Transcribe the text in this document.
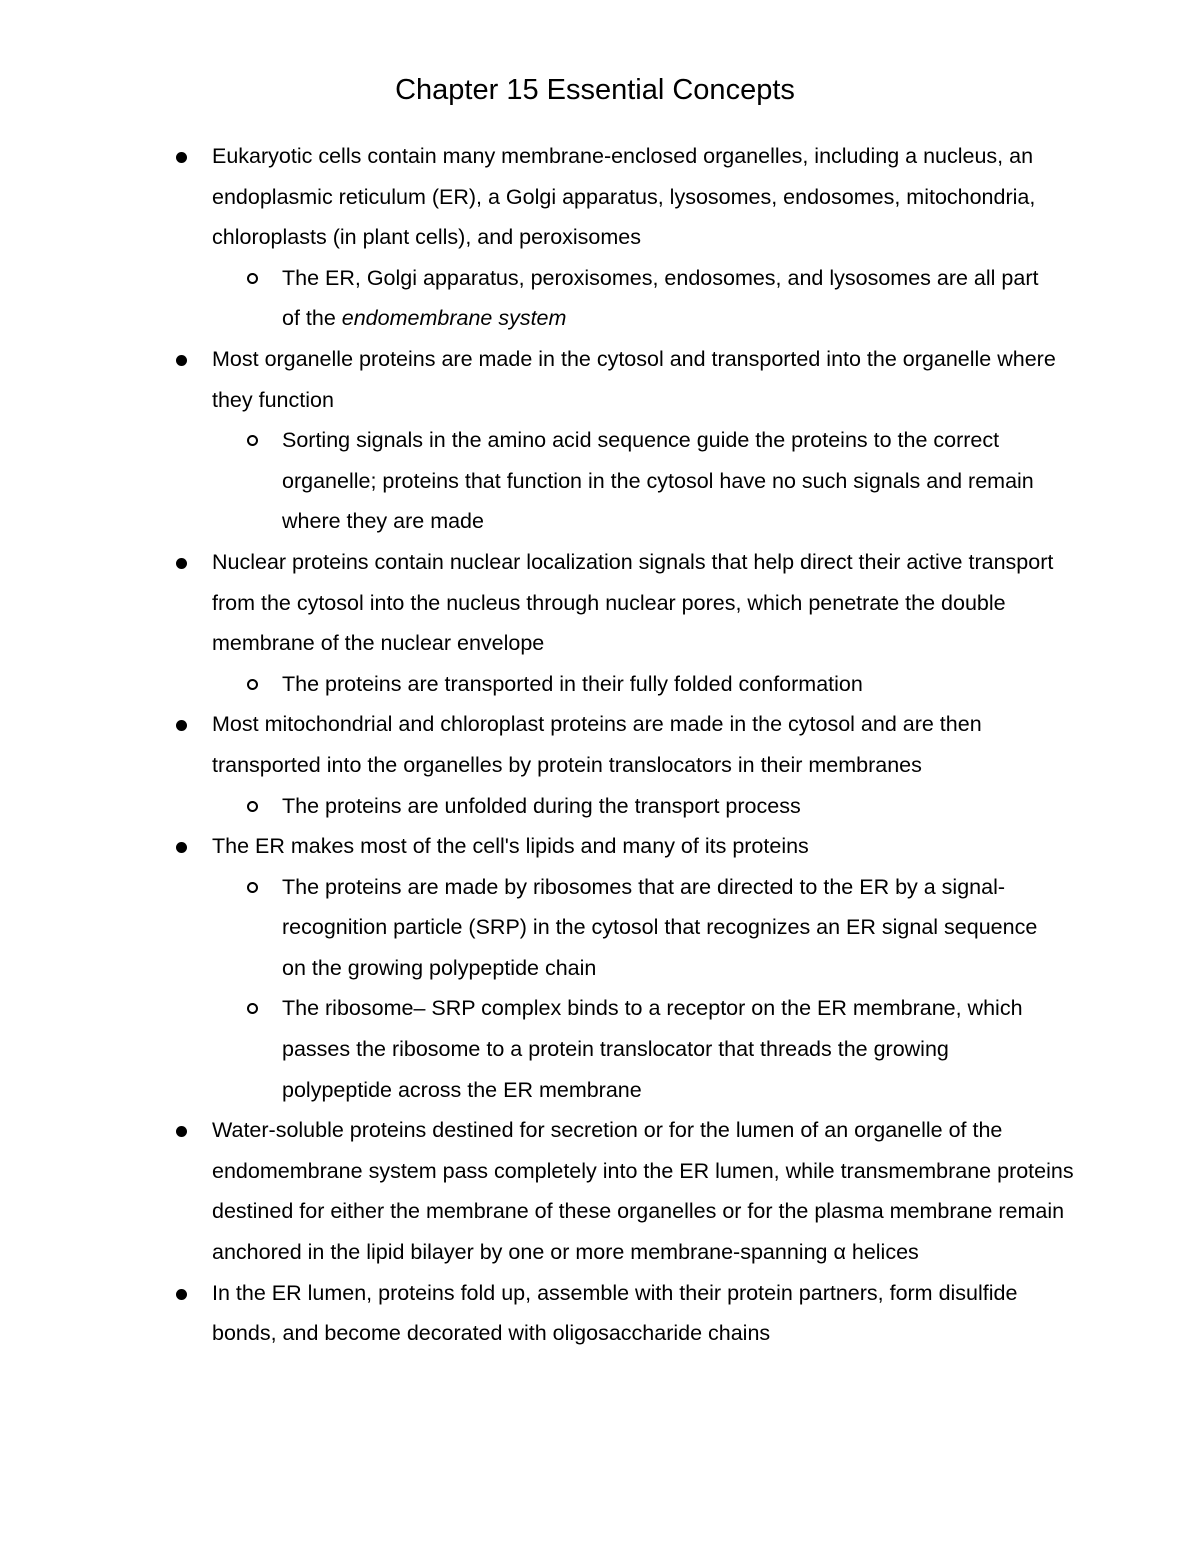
Chapter 15 Essential Concepts
Eukaryotic cells contain many membrane-enclosed organelles, including a nucleus, an endoplasmic reticulum (ER), a Golgi apparatus, lysosomes, endosomes, mitochondria, chloroplasts (in plant cells), and peroxisomes
The ER, Golgi apparatus, peroxisomes, endosomes, and lysosomes are all part of the endomembrane system
Most organelle proteins are made in the cytosol and transported into the organelle where they function
Sorting signals in the amino acid sequence guide the proteins to the correct organelle; proteins that function in the cytosol have no such signals and remain where they are made
Nuclear proteins contain nuclear localization signals that help direct their active transport from the cytosol into the nucleus through nuclear pores, which penetrate the double membrane of the nuclear envelope
The proteins are transported in their fully folded conformation
Most mitochondrial and chloroplast proteins are made in the cytosol and are then transported into the organelles by protein translocators in their membranes
The proteins are unfolded during the transport process
The ER makes most of the cell's lipids and many of its proteins
The proteins are made by ribosomes that are directed to the ER by a signal-recognition particle (SRP) in the cytosol that recognizes an ER signal sequence on the growing polypeptide chain
The ribosome– SRP complex binds to a receptor on the ER membrane, which passes the ribosome to a protein translocator that threads the growing polypeptide across the ER membrane
Water-soluble proteins destined for secretion or for the lumen of an organelle of the endomembrane system pass completely into the ER lumen, while transmembrane proteins destined for either the membrane of these organelles or for the plasma membrane remain anchored in the lipid bilayer by one or more membrane-spanning α helices
In the ER lumen, proteins fold up, assemble with their protein partners, form disulfide bonds, and become decorated with oligosaccharide chains
